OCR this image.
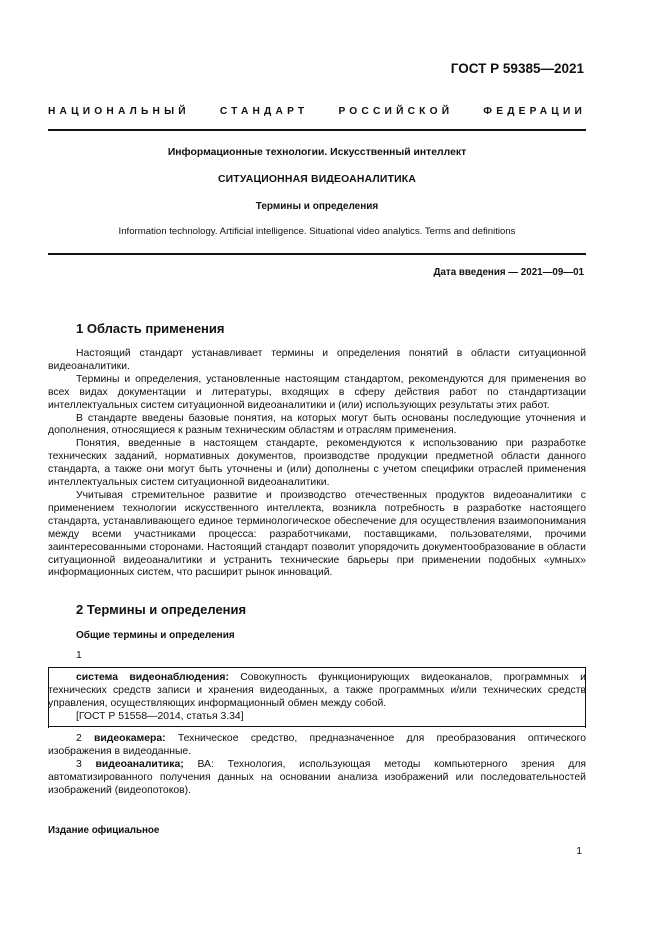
ГОСТ Р 59385—2021
НАЦИОНАЛЬНЫЙ СТАНДАРТ РОССИЙСКОЙ ФЕДЕРАЦИИ
Информационные технологии. Искусственный интеллект
СИТУАЦИОННАЯ ВИДЕОАНАЛИТИКА
Термины и определения
Information technology. Artificial intelligence. Situational video analytics. Terms and definitions
Дата введения — 2021—09—01
1 Область применения

Настоящий стандарт устанавливает термины и определения понятий в области ситуационной видеоаналитики.

Термины и определения, установленные настоящим стандартом, рекомендуются для применения во всех видах документации и литературы, входящих в сферу действия работ по стандартизации интеллектуальных систем ситуационной видеоаналитики и (или) использующих результаты этих работ.

В стандарте введены базовые понятия, на которых могут быть основаны последующие уточнения и дополнения, относящиеся к разным техническим областям и отраслям применения.

Понятия, введенные в настоящем стандарте, рекомендуются к использованию при разработке технических заданий, нормативных документов, производстве продукции предметной области данного стандарта, а также они могут быть уточнены и (или) дополнены с учетом специфики отраслей применения интеллектуальных систем ситуационной видеоаналитики.

Учитывая стремительное развитие и производство отечественных продуктов видеоаналитики с применением технологии искусственного интеллекта, возникла потребность в разработке настоящего стандарта, устанавливающего единое терминологическое обеспечение для осуществления взаимопонимания между всеми участниками процесса: разработчиками, поставщиками, пользователями, прочими заинтересованными сторонами. Настоящий стандарт позволит упорядочить документообразование в области ситуационной видеоаналитики и устранить технические барьеры при применении подобных «умных» информационных систем, что расширит рынок инноваций.

2 Термины и определения
Общие термины и определения
1

система видеонаблюдения: Совокупность функционирующих видеоканалов, программных и технических средств записи и хранения видеоданных, а также программных и/или технических средств управления, осуществляющих информационный обмен между собой.

[ГОСТ Р 51558—2014, статья 3.34]

2 видеокамера: Техническое средство, предназначенное для преобразования оптического изображения в видеоданные.

3 видеоаналитика; ВА: Технология, использующая методы компьютерного зрения для автоматизированного получения данных на основании анализа изображений или последовательностей изображений (видеопотоков).

Издание официальное
1
